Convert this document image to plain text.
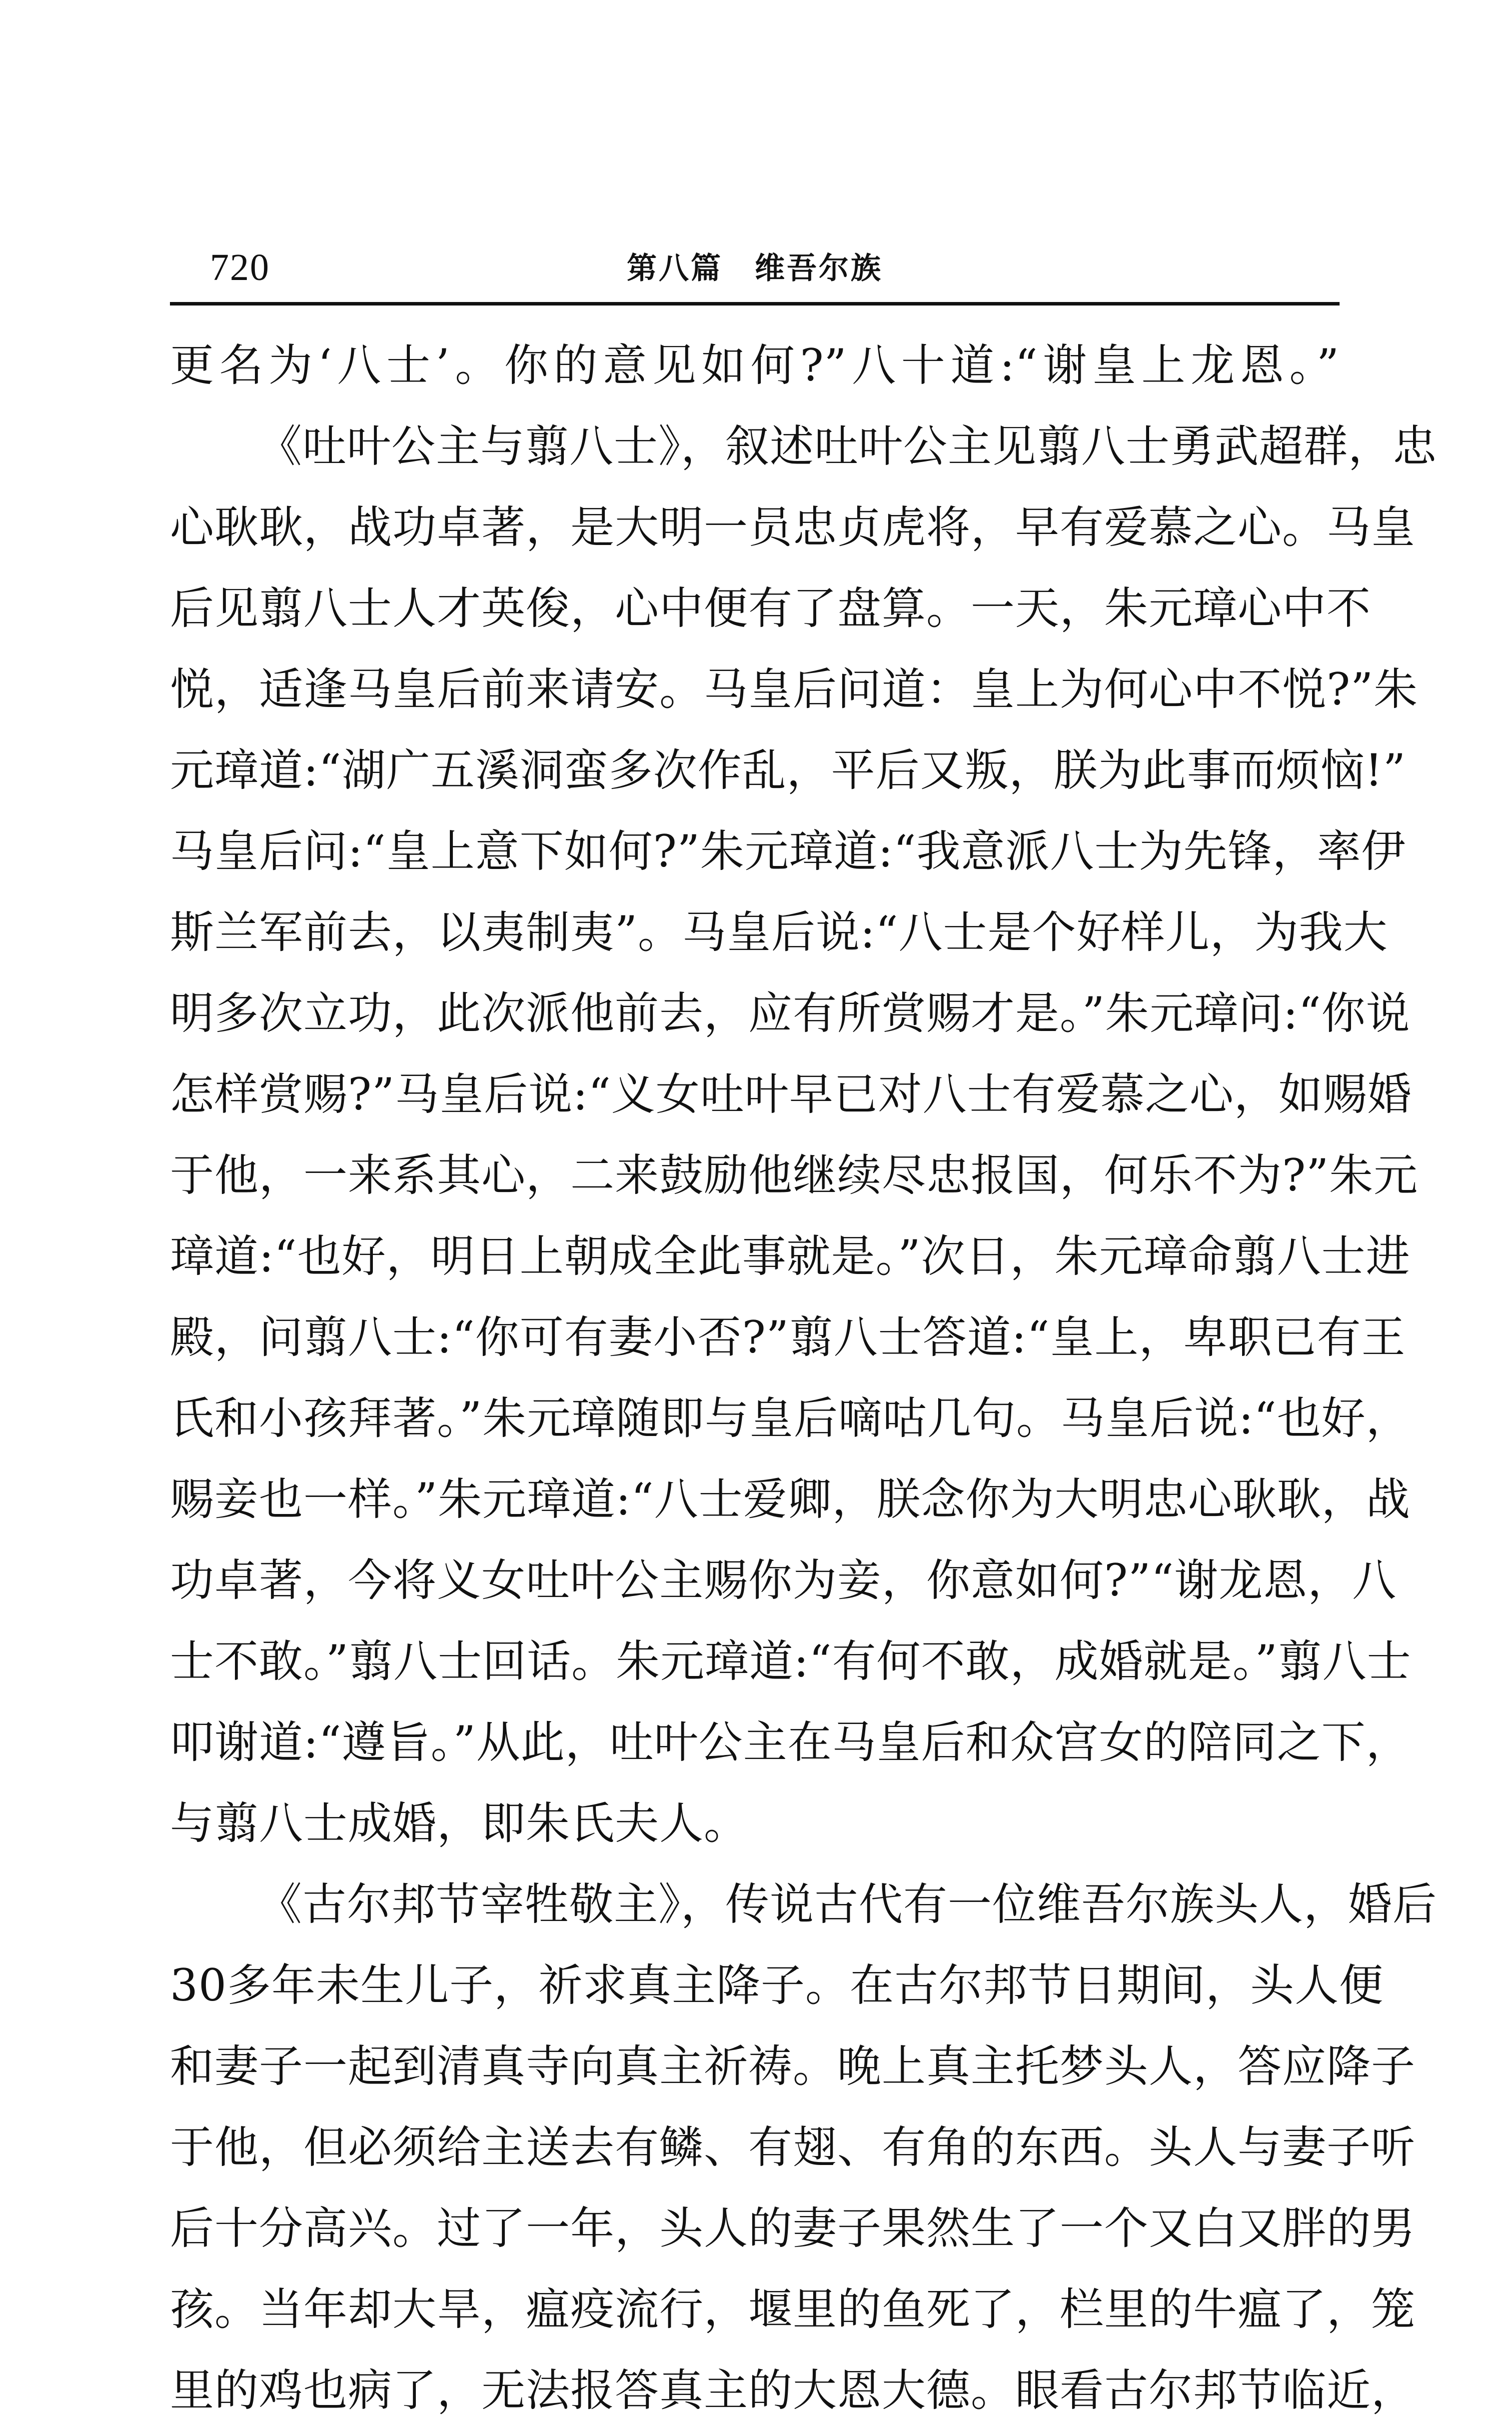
720	第八篇　维吾尔族
更名为‘八士’。你的意见如何?”八十道:“谢皇上龙恩。”
《吐叶公主与翦八士》，叙述吐叶公主见翦八士勇武超群，忠
心耿耿，战功卓著，是大明一员忠贞虎将，早有爱慕之心。马皇
后见翦八士人才英俊，心中便有了盘算。一天，朱元璋心中不
悦，适逢马皇后前来请安。马皇后问道：皇上为何心中不悦?”朱
元璋道:“湖广五溪洞蛮多次作乱，平后又叛，朕为此事而烦恼!”
马皇后问:“皇上意下如何?”朱元璋道:“我意派八士为先锋，率伊
斯兰军前去，以夷制夷”。马皇后说:“八士是个好样儿，为我大
明多次立功，此次派他前去，应有所赏赐才是。”朱元璋问:“你说
怎样赏赐?”马皇后说:“义女吐叶早已对八士有爱慕之心，如赐婚
于他，一来系其心，二来鼓励他继续尽忠报国，何乐不为?”朱元
璋道:“也好，明日上朝成全此事就是。”次日，朱元璋命翦八士进
殿，问翦八士:“你可有妻小否?”翦八士答道:“皇上，卑职已有王
氏和小孩拜著。”朱元璋随即与皇后嘀咕几句。马皇后说:“也好，
赐妾也一样。”朱元璋道:“八士爱卿，朕念你为大明忠心耿耿，战
功卓著，今将义女吐叶公主赐你为妾，你意如何?”“谢龙恩，八
士不敢。”翦八士回话。朱元璋道:“有何不敢，成婚就是。”翦八士
叩谢道:“遵旨。”从此，吐叶公主在马皇后和众宫女的陪同之下，
与翦八士成婚，即朱氏夫人。
《古尔邦节宰牲敬主》，传说古代有一位维吾尔族头人，婚后
30多年未生儿子，祈求真主降子。在古尔邦节日期间，头人便
和妻子一起到清真寺向真主祈祷。晚上真主托梦头人，答应降子
于他，但必须给主送去有鳞、有翅、有角的东西。头人与妻子听
后十分高兴。过了一年，头人的妻子果然生了一个又白又胖的男
孩。当年却大旱，瘟疫流行，堰里的鱼死了，栏里的牛瘟了，笼
里的鸡也病了，无法报答真主的大恩大德。眼看古尔邦节临近，
